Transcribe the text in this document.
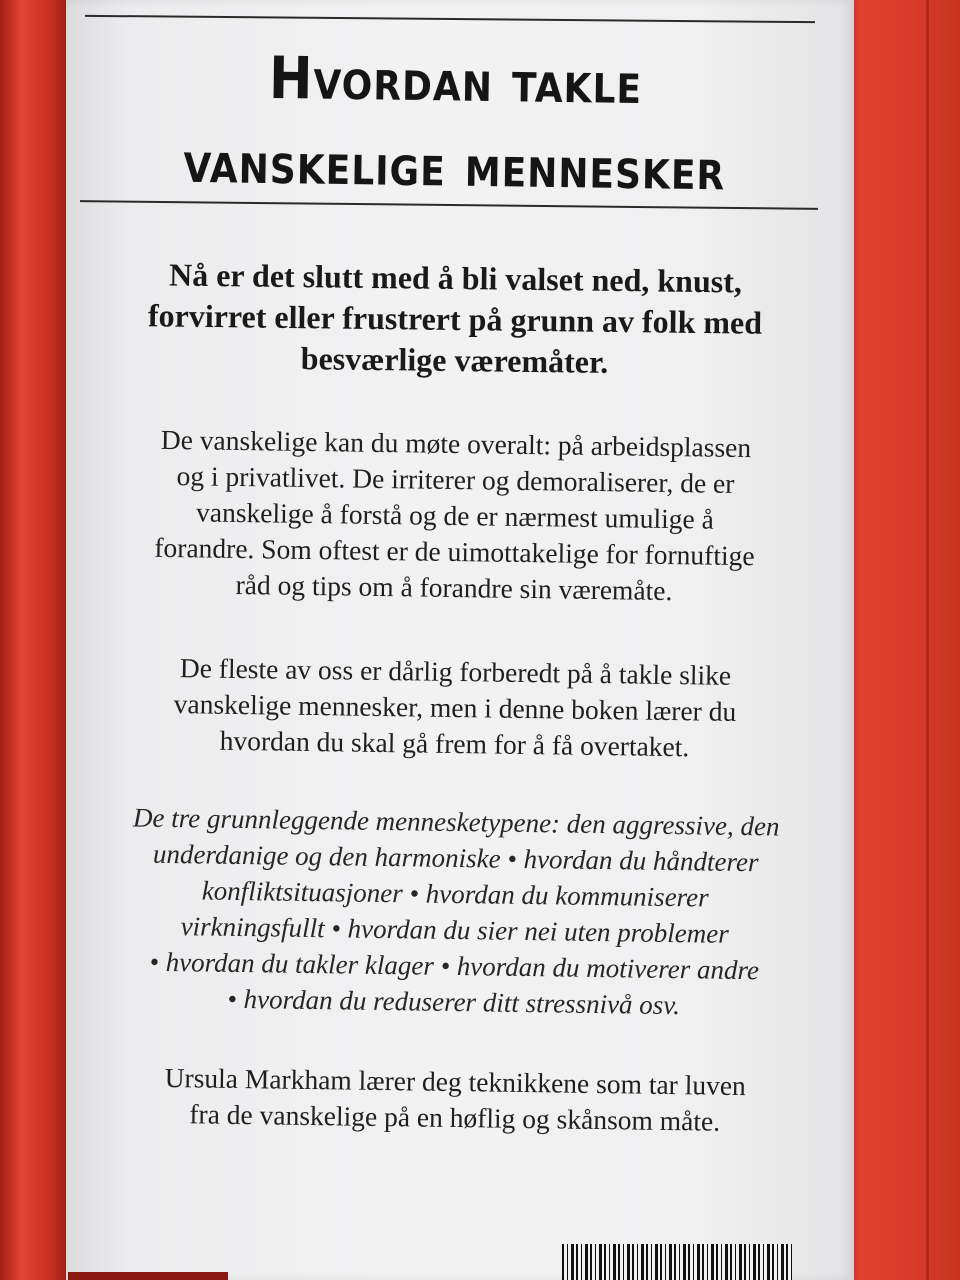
Hvordan takle
vanskelige mennesker
Nå er det slutt med å bli valset ned, knust,
forvirret eller frustrert på grunn av folk med
besværlige væremåter.
De vanskelige kan du møte overalt: på arbeidsplassen
og i privatlivet. De irriterer og demoraliserer, de er
vanskelige å forstå og de er nærmest umulige å
forandre. Som oftest er de uimottakelige for fornuftige
råd og tips om å forandre sin væremåte.
De fleste av oss er dårlig forberedt på å takle slike
vanskelige mennesker, men i denne boken lærer du
hvordan du skal gå frem for å få overtaket.
De tre grunnleggende mennesketypene: den aggressive, den
underdanige og den harmoniske • hvordan du håndterer
konfliktsituasjoner • hvordan du kommuniserer
virkningsfullt • hvordan du sier nei uten problemer
• hvordan du takler klager • hvordan du motiverer andre
• hvordan du reduserer ditt stressnivå osv.
Ursula Markham lærer deg teknikkene som tar luven
fra de vanskelige på en høflig og skånsom måte.
